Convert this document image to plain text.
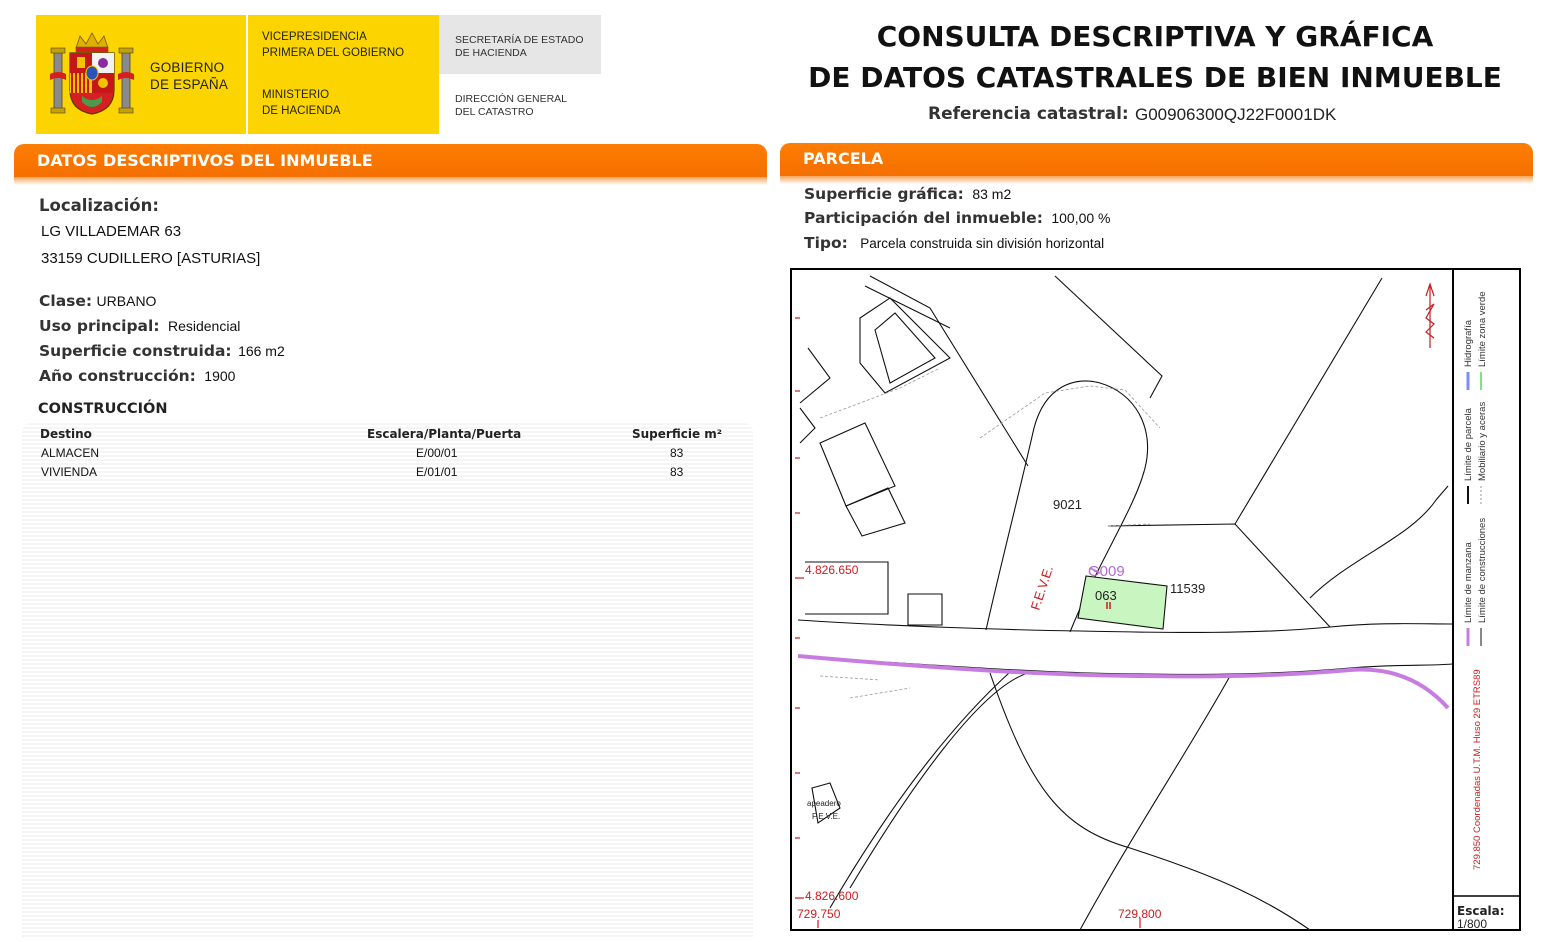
GOBIERNO
DE ESPAÑA
VICEPRESIDENCIA
PRIMERA DEL GOBIERNO
MINISTERIO
DE HACIENDA
SECRETARÍA DE ESTADO
DE HACIENDA
DIRECCIÓN GENERAL
DEL CATASTRO
CONSULTA DESCRIPTIVA Y GRÁFICA
DE DATOS CATASTRALES DE BIEN INMUEBLE
Referencia catastral: G00906300QJ22F0001DK
DATOS DESCRIPTIVOS DEL INMUEBLE
Localización:
LG VILLADEMAR 63
33159 CUDILLERO [ASTURIAS]
Clase: URBANO
Uso principal: Residencial
Superficie construida: 166 m2
Año construcción: 1900
CONSTRUCCIÓN
Destino	Escalera/Planta/Puerta	Superficie m²
ALMACEN	E/00/01	83
VIVIENDA	E/01/01	83
PARCELA
Superficie gráfica: 83 m2
Participación del inmueble: 100,00 %
Tipo: Parcela construida sin división horizontal
9021
G009
063	11539
F.E.V.E.
apeadero
F.E.V.E.
4.826.650
4.826.600
729.750	729.800
729.850 Coordenadas U.T.M. Huso 29 ETRS89
Límite de manzana Límite de construcciones
Límite de parcela Mobiliario y aceras
Hidrografía Límite zona verde
Escala:
1/800
